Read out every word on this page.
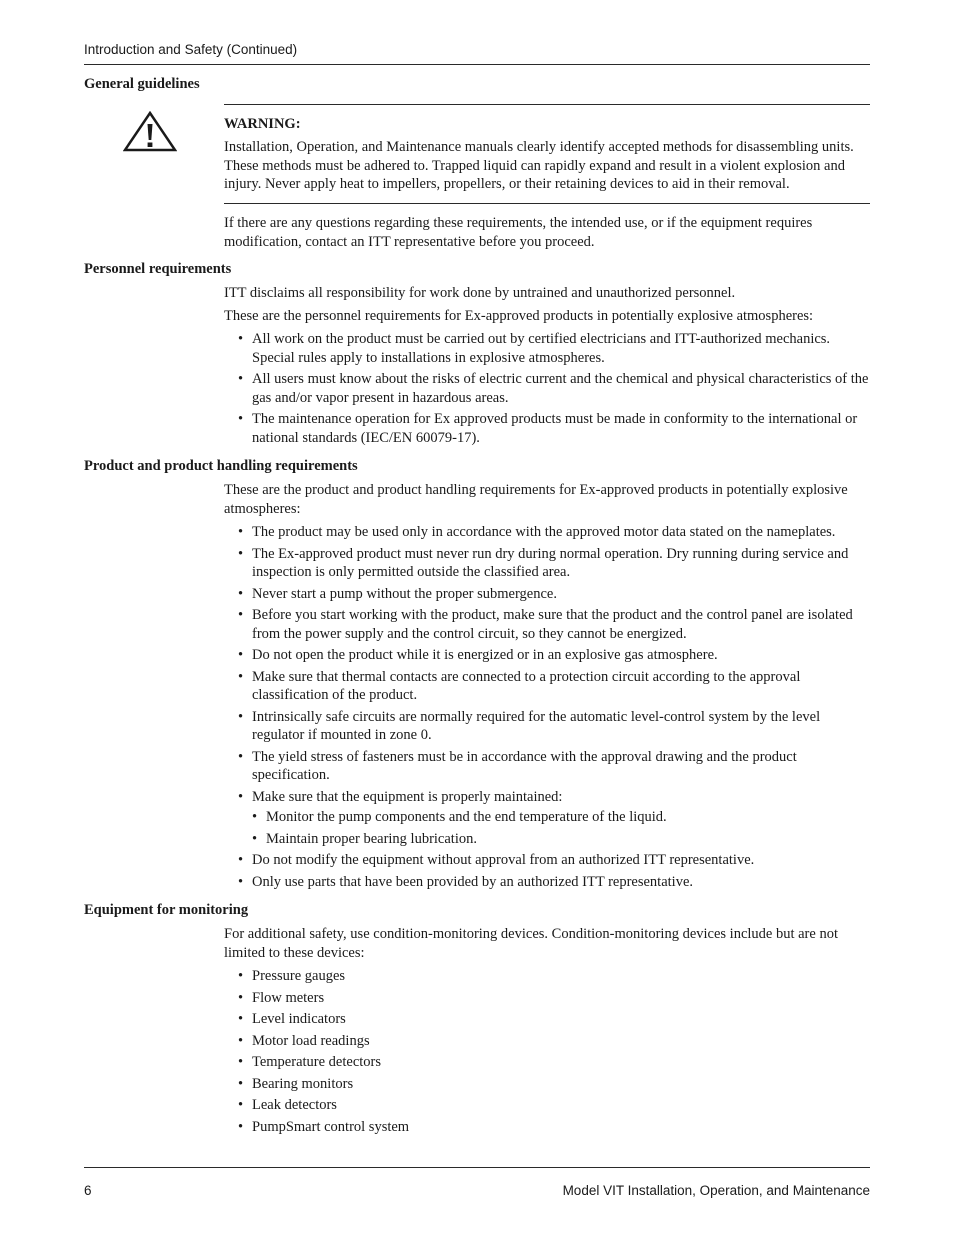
Introduction and Safety (Continued)
General guidelines
WARNING:

Installation, Operation, and Maintenance manuals clearly identify accepted methods for disassembling units. These methods must be adhered to. Trapped liquid can rapidly expand and result in a violent explosion and injury. Never apply heat to impellers, propellers, or their retaining devices to aid in their removal.

If there are any questions regarding these requirements, the intended use, or if the equipment requires modification, contact an ITT representative before you proceed.

Personnel requirements

ITT disclaims all responsibility for work done by untrained and unauthorized personnel.

These are the personnel requirements for Ex-approved products in potentially explosive atmospheres:

• All work on the product must be carried out by certified electricians and ITT-authorized mechanics. Special rules apply to installations in explosive atmospheres.
• All users must know about the risks of electric current and the chemical and physical characteristics of the gas and/or vapor present in hazardous areas.
• The maintenance operation for Ex approved products must be made in conformity to the international or national standards (IEC/EN 60079-17).
Product and product handling requirements

These are the product and product handling requirements for Ex-approved products in potentially explosive atmospheres:

• The product may be used only in accordance with the approved motor data stated on the nameplates.
• The Ex-approved product must never run dry during normal operation. Dry running during service and inspection is only permitted outside the classified area.
• Never start a pump without the proper submergence.
• Before you start working with the product, make sure that the product and the control panel are isolated from the power supply and the control circuit, so they cannot be energized.
• Do not open the product while it is energized or in an explosive gas atmosphere.
• Make sure that thermal contacts are connected to a protection circuit according to the approval classification of the product.
• Intrinsically safe circuits are normally required for the automatic level-control system by the level regulator if mounted in zone 0.
• The yield stress of fasteners must be in accordance with the approval drawing and the product specification.
• Make sure that the equipment is properly maintained:
• Monitor the pump components and the end temperature of the liquid.
• Maintain proper bearing lubrication.
• Do not modify the equipment without approval from an authorized ITT representative.
• Only use parts that have been provided by an authorized ITT representative.
Equipment for monitoring

For additional safety, use condition-monitoring devices. Condition-monitoring devices include but are not limited to these devices:

• Pressure gauges
• Flow meters
• Level indicators
• Motor load readings
• Temperature detectors
• Bearing monitors
• Leak detectors
• PumpSmart control system
6	Model VIT Installation, Operation, and Maintenance
